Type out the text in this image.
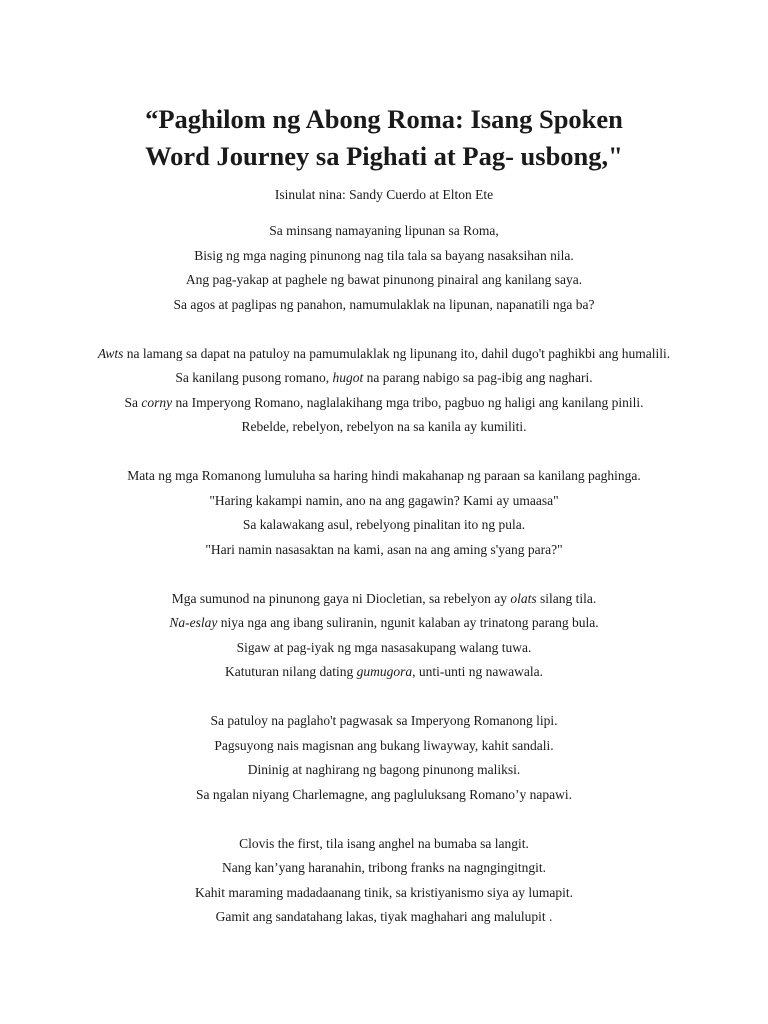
“Paghilom ng Abong Roma: Isang Spoken
Word Journey sa Pighati at Pag- usbong,"

Isinulat nina: Sandy Cuerdo at Elton Ete

Sa minsang namayaning lipunan sa Roma,
Bisig ng mga naging pinunong nag tila tala sa bayang nasaksihan nila.
Ang pag-yakap at paghele ng bawat pinunong pinairal ang kanilang saya.
Sa agos at paglipas ng panahon, namumulaklak na lipunan, napanatili nga ba?
Awts na lamang sa dapat na patuloy na pamumulaklak ng lipunang ito, dahil dugo't paghikbi ang humalili.
Sa kanilang pusong romano, hugot na parang nabigo sa pag-ibig ang naghari.
Sa corny na Imperyong Romano, naglalakihang mga tribo, pagbuo ng haligi ang kanilang pinili.
Rebelde, rebelyon, rebelyon na sa kanila ay kumiliti.
Mata ng mga Romanong lumuluha sa haring hindi makahanap ng paraan sa kanilang paghinga.
"Haring kakampi namin, ano na ang gagawin? Kami ay umaasa"
Sa kalawakang asul, rebelyong pinalitan ito ng pula.
"Hari namin nasasaktan na kami, asan na ang aming s'yang para?"
Mga sumunod na pinunong gaya ni Diocletian, sa rebelyon ay olats silang tila.
Na-eslay niya nga ang ibang suliranin, ngunit kalaban ay trinatong parang bula.
Sigaw at pag-iyak ng mga nasasakupang walang tuwa.
Katuturan nilang dating gumugora, unti-unti ng nawawala.
Sa patuloy na paglaho't pagwasak sa Imperyong Romanong lipi.
Pagsuyong nais magisnan ang bukang liwayway, kahit sandali.
Dininig at naghirang ng bagong pinunong maliksi.
Sa ngalan niyang Charlemagne, ang pagluluksang Romano’y napawi.
Clovis the first, tila isang anghel na bumaba sa langit.
Nang kan’yang haranahin, tribong franks na nagngingitngit.
Kahit maraming madadaanang tinik, sa kristiyanismo siya ay lumapit.
Gamit ang sandatahang lakas, tiyak maghahari ang malulupit .
